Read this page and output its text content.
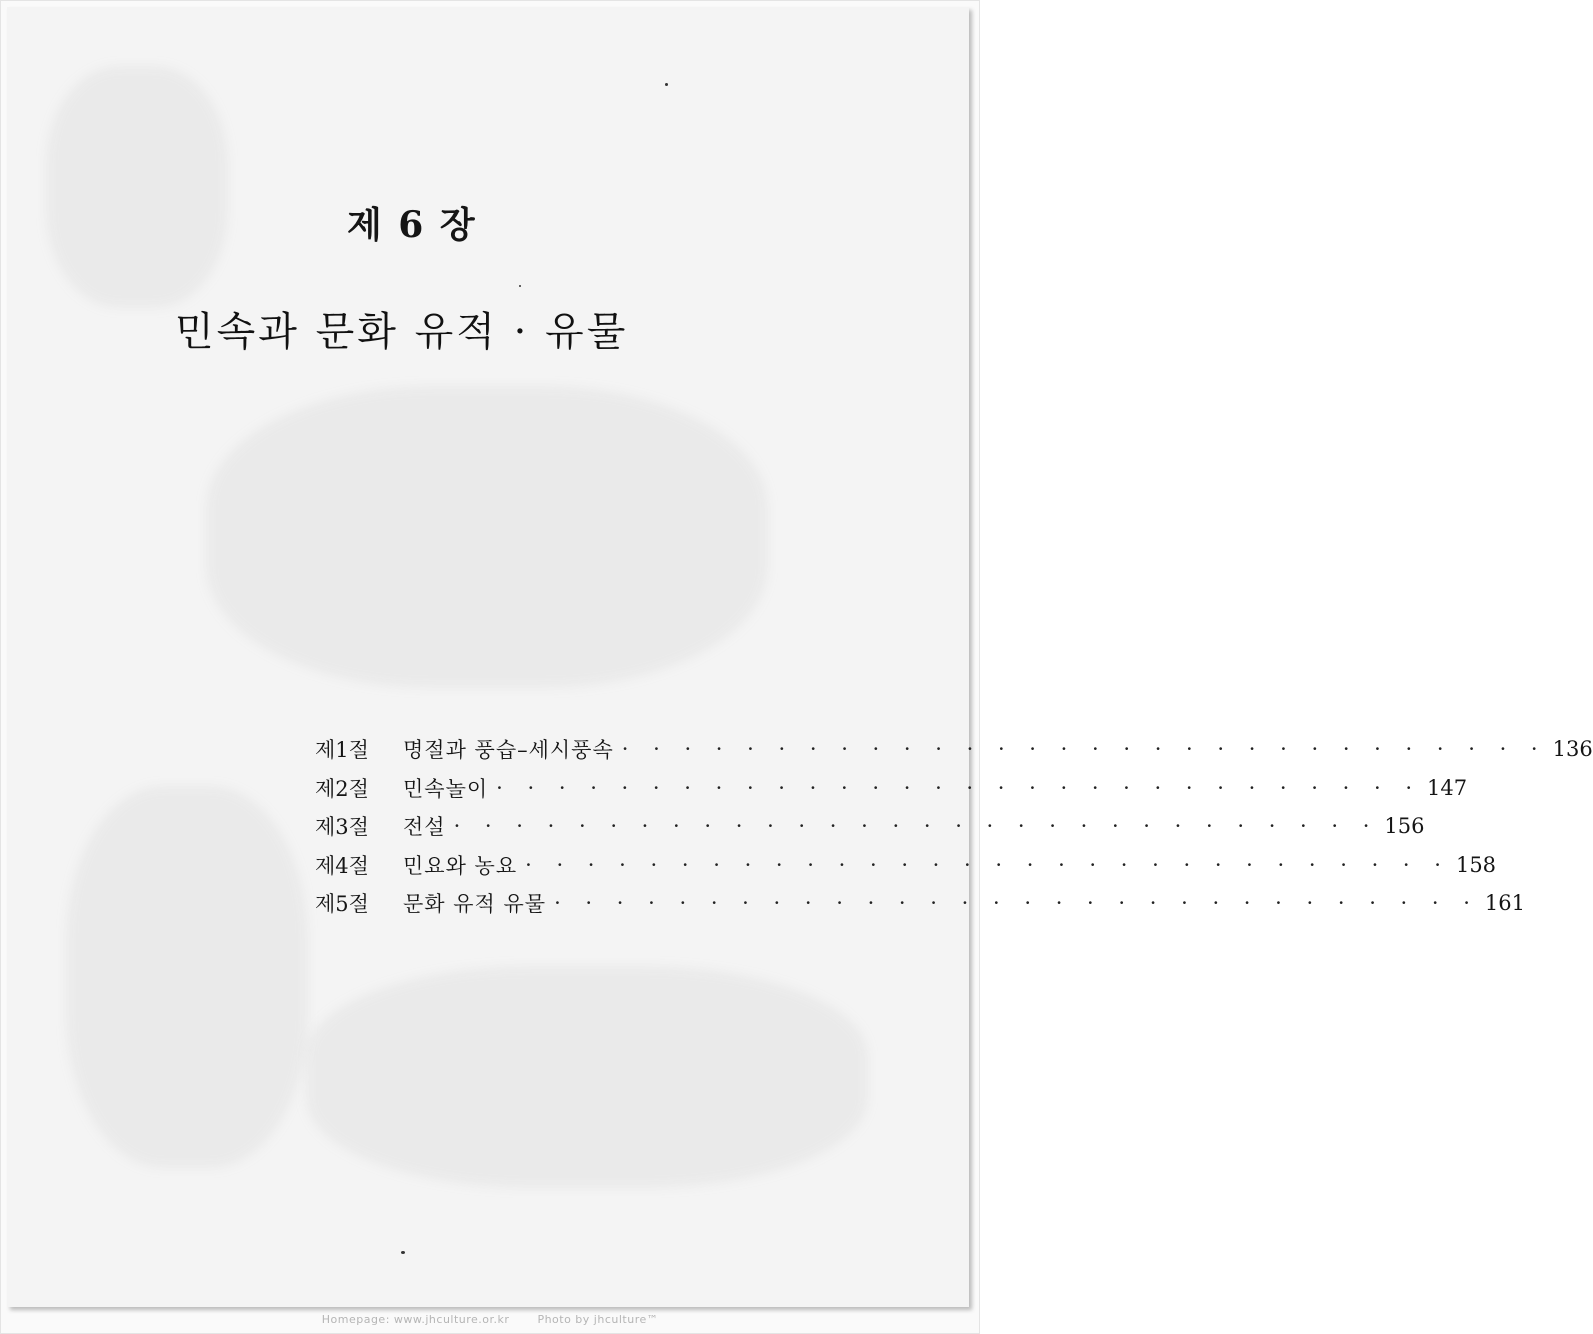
제 6 장
민속과 문화 유적 · 유물
제1절	명절과 풍습–세시풍속 · · · · · · · · · · · · · · · · · · · · · · · · · · · · · · 136
제2절	민속놀이 · · · · · · · · · · · · · · · · · · · · · · · · · · · · · · 147
제3절	전설 · · · · · · · · · · · · · · · · · · · · · · · · · · · · · · 156
제4절	민요와 농요 · · · · · · · · · · · · · · · · · · · · · · · · · · · · · · 158
제5절	문화 유적 유물 · · · · · · · · · · · · · · · · · · · · · · · · · · · · · · 161
Homepage: www.jhculture.or.kr	Photo by jhculture™
